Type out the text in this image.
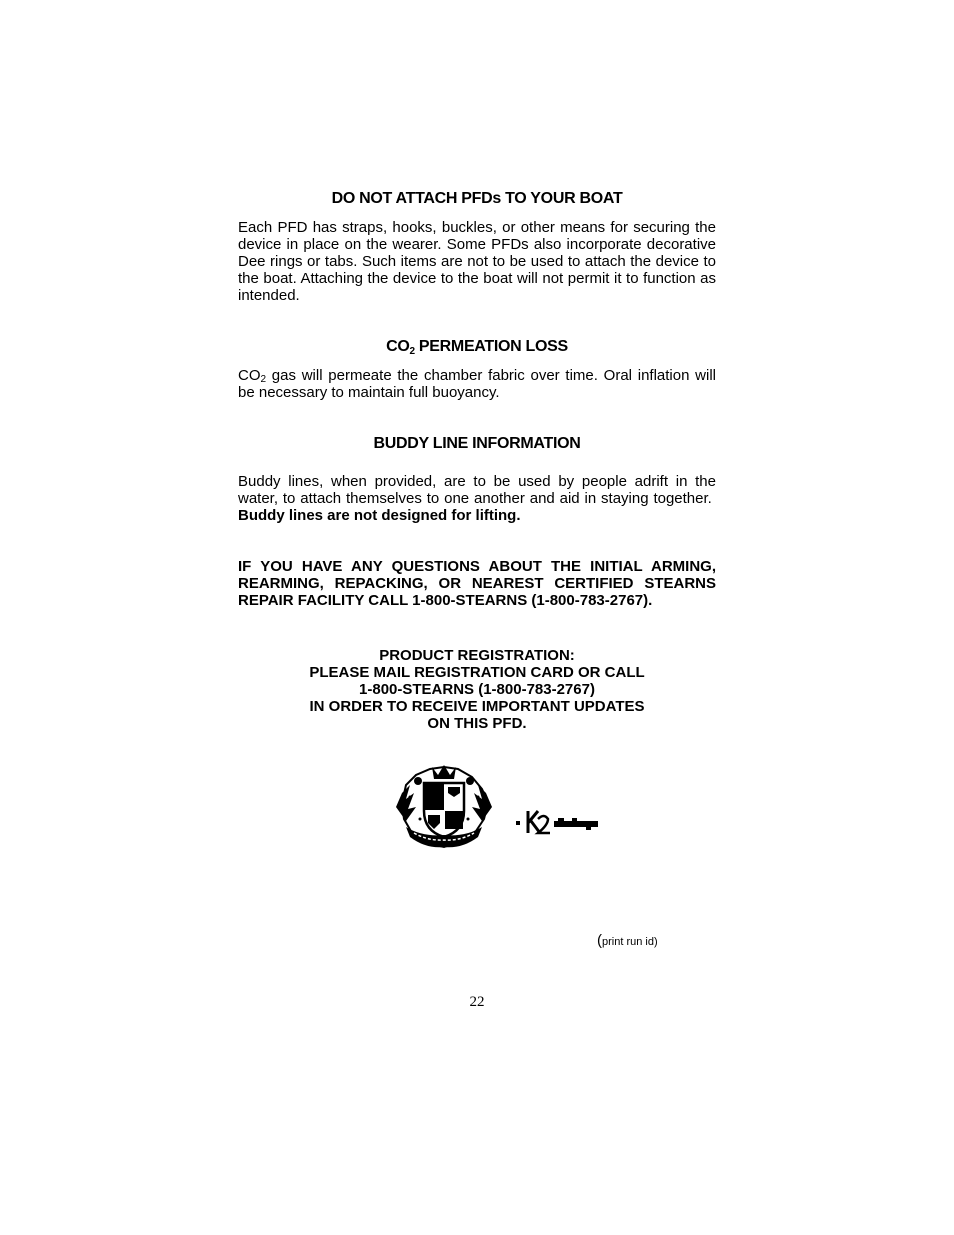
DO NOT ATTACH PFDs TO YOUR BOAT
Each PFD has straps, hooks, buckles, or other means for securing the device in place on the wearer. Some PFDs also incorporate decorative Dee rings or tabs. Such items are not to be used to attach the device to the boat. Attaching the device to the boat will not permit it to function as intended.
$CO_2$ PERMEATION LOSS
CO2 gas will permeate the chamber fabric over time. Oral inflation will be necessary to maintain full buoyancy.
BUDDY LINE INFORMATION
Buddy lines, when provided, are to be used by people adrift in the water, to attach themselves to one another and aid in staying together.  Buddy lines are not designed for lifting.
IF YOU HAVE ANY QUESTIONS ABOUT THE INITIAL ARMING, REARMING, REPACKING, OR NEAREST CERTIFIED STEARNS REPAIR FACILITY CALL 1-800-STEARNS (1-800-783-2767).
PRODUCT REGISTRATION:
PLEASE MAIL REGISTRATION CARD OR CALL
1-800-STEARNS (1-800-783-2767)
IN ORDER TO RECEIVE IMPORTANT UPDATES
ON THIS PFD.
(print run id)
22
